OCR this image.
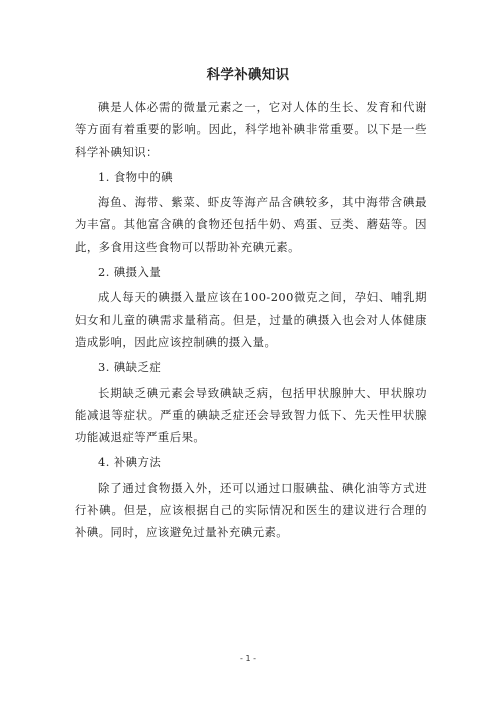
科学补碘知识

碘是人体必需的微量元素之一，它对人体的生长、发育和代谢等方面有着重要的影响。因此，科学地补碘非常重要。以下是一些科学补碘知识：

1. 食物中的碘

海鱼、海带、紫菜、虾皮等海产品含碘较多，其中海带含碘最为丰富。其他富含碘的食物还包括牛奶、鸡蛋、豆类、蘑菇等。因此，多食用这些食物可以帮助补充碘元素。

2. 碘摄入量

成人每天的碘摄入量应该在100-200微克之间，孕妇、哺乳期妇女和儿童的碘需求量稍高。但是，过量的碘摄入也会对人体健康造成影响，因此应该控制碘的摄入量。

3. 碘缺乏症

长期缺乏碘元素会导致碘缺乏病，包括甲状腺肿大、甲状腺功能减退等症状。严重的碘缺乏症还会导致智力低下、先天性甲状腺功能减退症等严重后果。

4. 补碘方法

除了通过食物摄入外，还可以通过口服碘盐、碘化油等方式进行补碘。但是，应该根据自己的实际情况和医生的建议进行合理的补碘。同时，应该避免过量补充碘元素。

- 1 -
